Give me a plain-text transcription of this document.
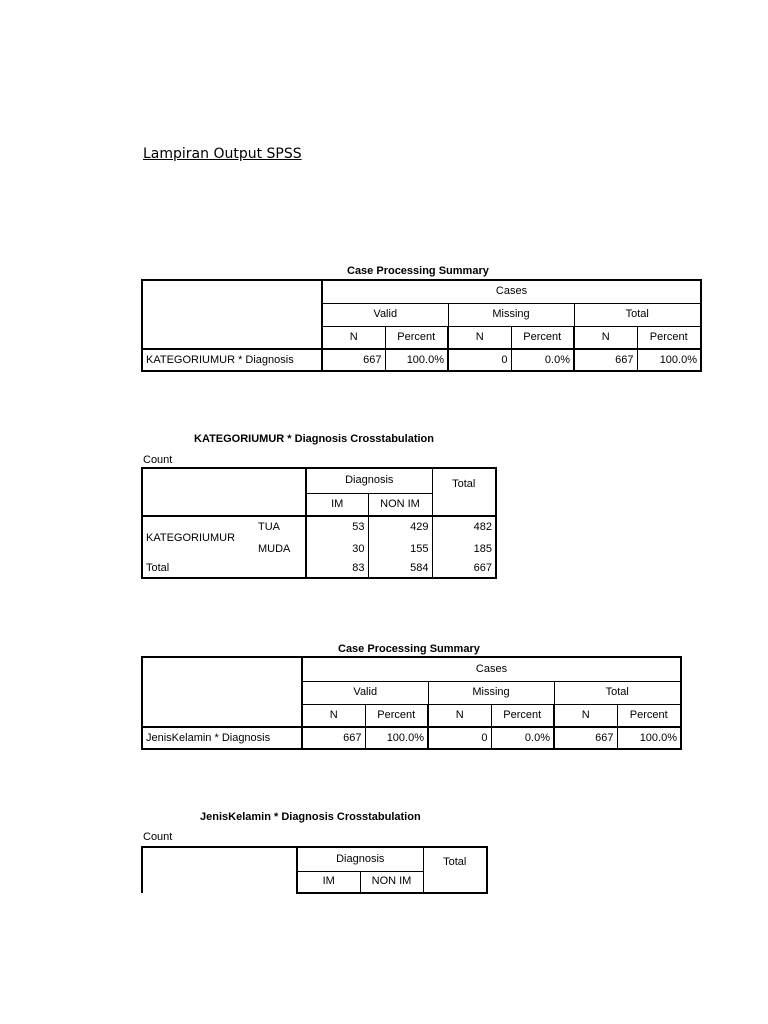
Lampiran Output SPSS
Case Processing Summary
	Cases					
	Valid		Missing		Total	
	N	Percent	N	Percent	N	Percent
KATEGORIUMUR * Diagnosis	667	100.0%	0	0.0%	667	100.0%
KATEGORIUMUR * Diagnosis Crosstabulation
Count
		Diagnosis		Total
		IM	NON IM	
KATEGORIUMUR	TUA	53	429	482
	MUDA	30	155	185
Total		83	584	667
Case Processing Summary
	Cases					
	Valid		Missing		Total	
	N	Percent	N	Percent	N	Percent
JenisKelamin * Diagnosis	667	100.0%	0	0.0%	667	100.0%
JenisKelamin * Diagnosis Crosstabulation
Count
	Diagnosis		Total
	IM	NON IM	
